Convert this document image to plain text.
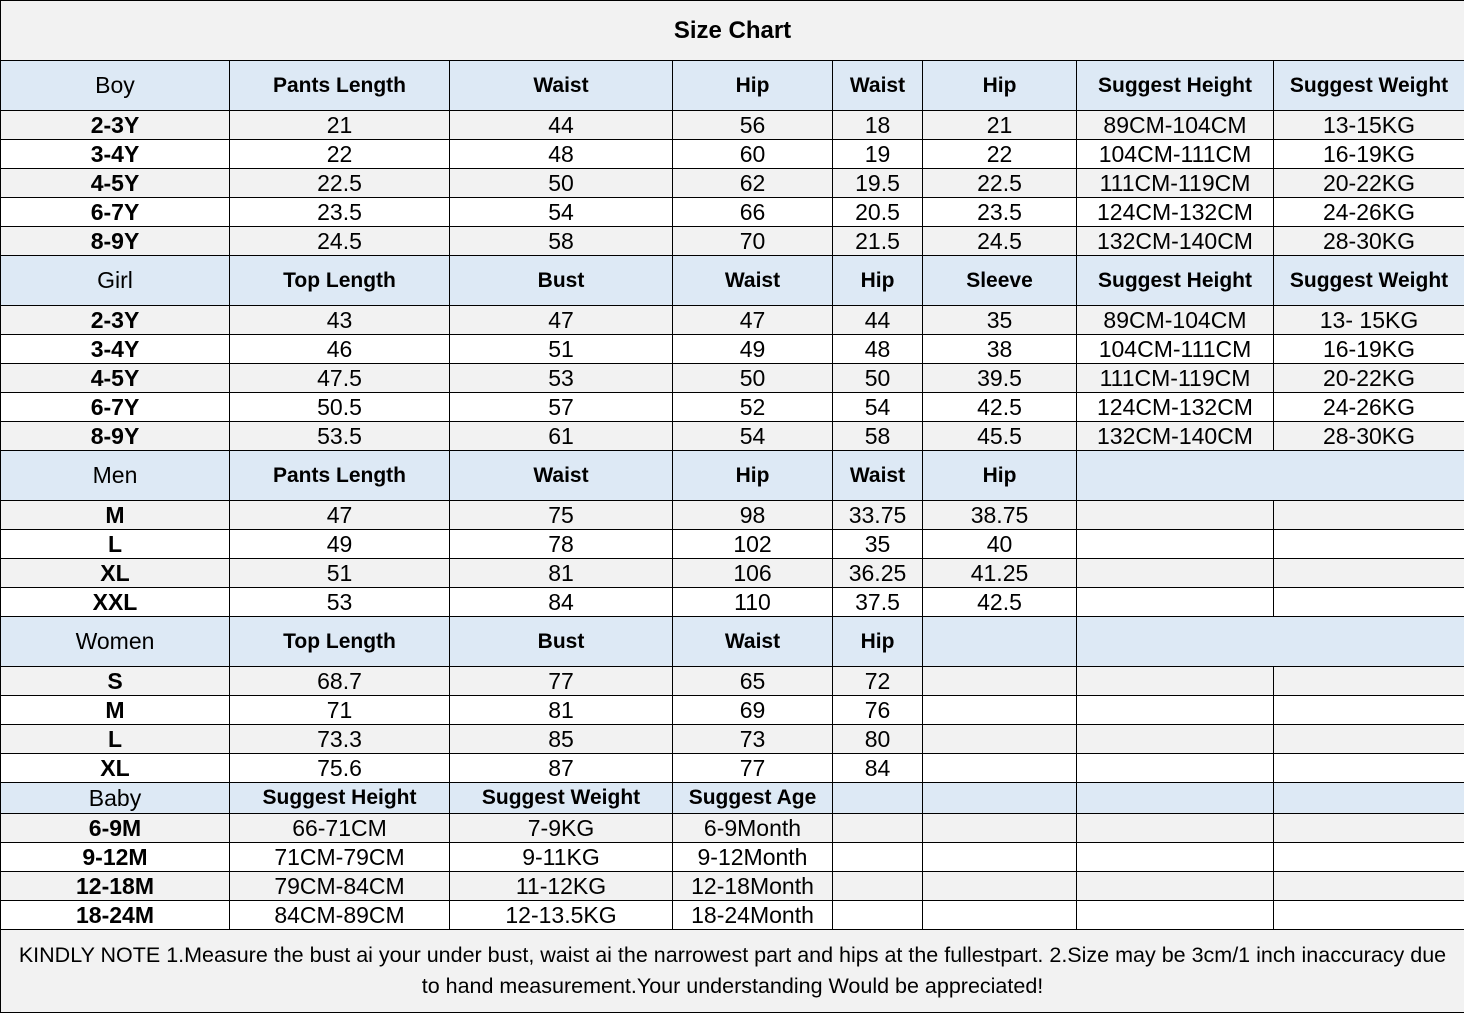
Size Chart							
Boy	Pants Length	Waist	Hip	Waist	Hip	Suggest Height	Suggest Weight
2-3Y	21	44	56	18	21	89CM-104CM	13-15KG
3-4Y	22	48	60	19	22	104CM-111CM	16-19KG
4-5Y	22.5	50	62	19.5	22.5	111CM-119CM	20-22KG
6-7Y	23.5	54	66	20.5	23.5	124CM-132CM	24-26KG
8-9Y	24.5	58	70	21.5	24.5	132CM-140CM	28-30KG
Girl	Top Length	Bust	Waist	Hip	Sleeve	Suggest Height	Suggest Weight
2-3Y	43	47	47	44	35	89CM-104CM	13- 15KG
3-4Y	46	51	49	48	38	104CM-111CM	16-19KG
4-5Y	47.5	53	50	50	39.5	111CM-119CM	20-22KG
6-7Y	50.5	57	52	54	42.5	124CM-132CM	24-26KG
8-9Y	53.5	61	54	58	45.5	132CM-140CM	28-30KG
Men	Pants Length	Waist	Hip	Waist	Hip		
M	47	75	98	33.75	38.75		
L	49	78	102	35	40		
XL	51	81	106	36.25	41.25		
XXL	53	84	110	37.5	42.5		
Women	Top Length	Bust	Waist	Hip			
S	68.7	77	65	72			
M	71	81	69	76			
L	73.3	85	73	80			
XL	75.6	87	77	84			
Baby	Suggest Height	Suggest Weight	Suggest Age				
6-9M	66-71CM	7-9KG	6-9Month				
9-12M	71CM-79CM	9-11KG	9-12Month				
12-18M	79CM-84CM	11-12KG	12-18Month				
18-24M	84CM-89CM	12-13.5KG	18-24Month				
KINDLY NOTE 1.Measure the bust ai your under bust, waist ai the narrowest part and hips at the fullestpart. 2.Size may be 3cm/1 inch inaccuracy due to hand measurement.Your understanding Would be appreciated!							
